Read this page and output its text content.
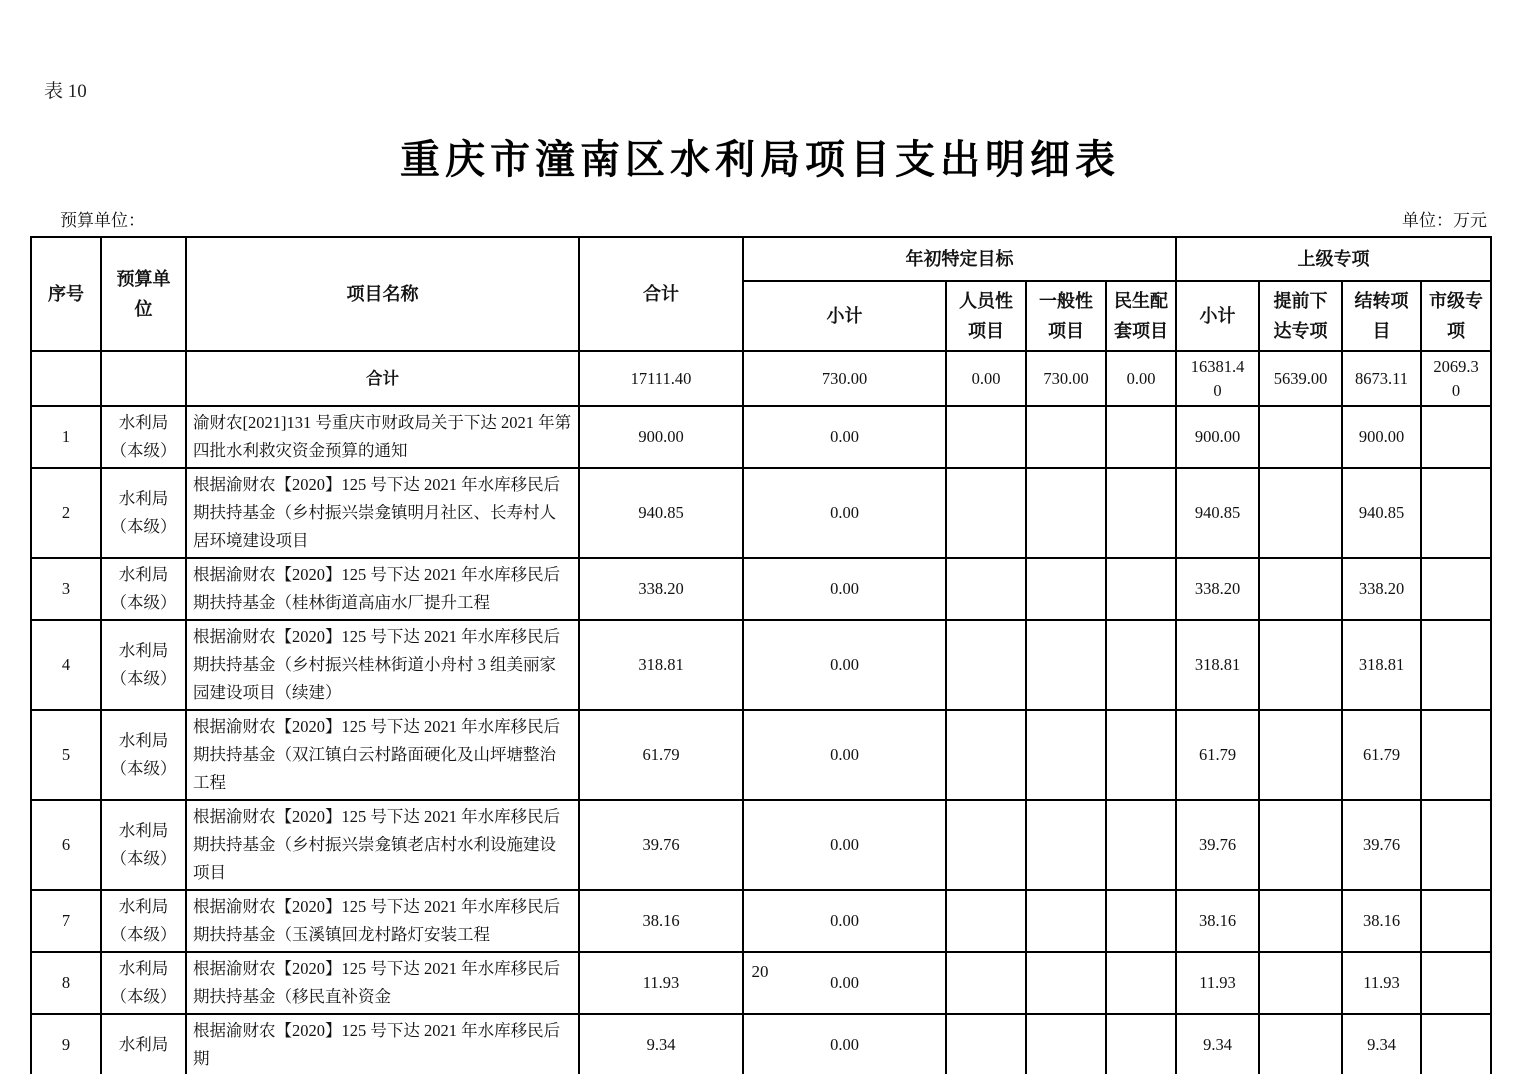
表 10
重庆市潼南区水利局项目支出明细表
预算单位：	单位：万元
序号	预算单位	项目名称	合计	年初特定目标				上级专项			
				小计	人员性项目	一般性项目	民生配套项目	小计	提前下达专项	结转项目	市级专项
		合计	17111.40	730.00	0.00	730.00	0.00	16381.40	5639.00	8673.11	2069.30
1	水利局（本级）	渝财农[2021]131 号重庆市财政局关于下达 2021 年第四批水利救灾资金预算的通知	900.00	0.00				900.00		900.00	
2	水利局（本级）	根据渝财农【2020】125 号下达 2021 年水库移民后期扶持基金（乡村振兴崇龛镇明月社区、长寿村人居环境建设项目	940.85	0.00				940.85		940.85	
3	水利局（本级）	根据渝财农【2020】125 号下达 2021 年水库移民后期扶持基金（桂林街道高庙水厂提升工程	338.20	0.00				338.20		338.20	
4	水利局（本级）	根据渝财农【2020】125 号下达 2021 年水库移民后期扶持基金（乡村振兴桂林街道小舟村 3 组美丽家园建设项目（续建）	318.81	0.00				318.81		318.81	
5	水利局（本级）	根据渝财农【2020】125 号下达 2021 年水库移民后期扶持基金（双江镇白云村路面硬化及山坪塘整治工程	61.79	0.00				61.79		61.79	
6	水利局（本级）	根据渝财农【2020】125 号下达 2021 年水库移民后期扶持基金（乡村振兴崇龛镇老店村水利设施建设项目	39.76	0.00				39.76		39.76	
7	水利局（本级）	根据渝财农【2020】125 号下达 2021 年水库移民后期扶持基金（玉溪镇回龙村路灯安装工程	38.16	0.00				38.16		38.16	
8	水利局（本级）	根据渝财农【2020】125 号下达 2021 年水库移民后期扶持基金（移民直补资金	11.93	0.00				11.93		11.93	
9	水利局	根据渝财农【2020】125 号下达 2021 年水库移民后期	9.34	0.00				9.34		9.34	
20
